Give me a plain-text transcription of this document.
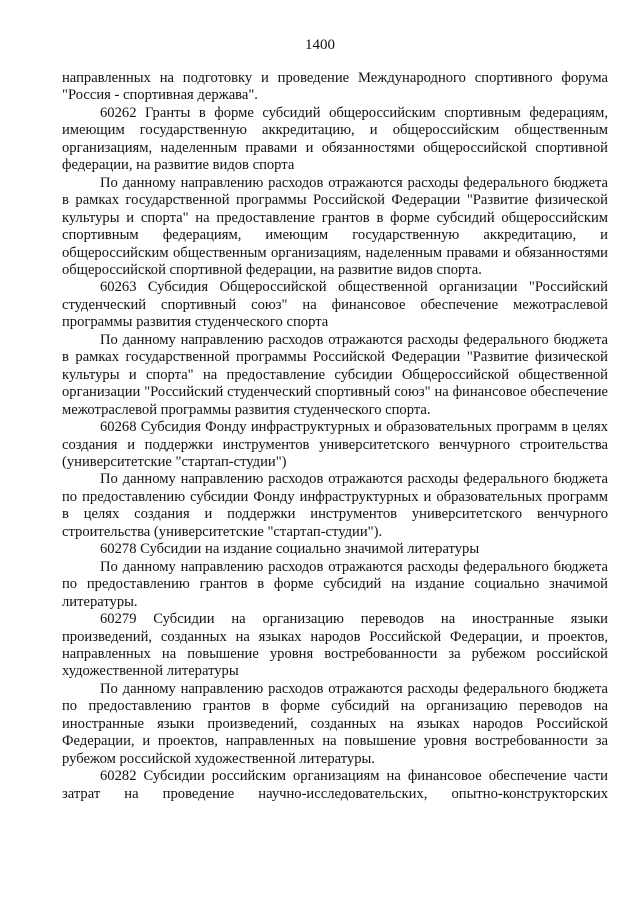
1400

направленных на подготовку и проведение Международного спортивного форума "Россия - спортивная держава".

60262 Гранты в форме субсидий общероссийским спортивным федерациям, имеющим государственную аккредитацию, и общероссийским общественным организациям, наделенным правами и обязанностями общероссийской спортивной федерации, на развитие видов спорта

По данному направлению расходов отражаются расходы федерального бюджета в рамках государственной программы Российской Федерации "Развитие физической культуры и спорта" на предоставление грантов в форме субсидий общероссийским спортивным федерациям, имеющим государственную аккредитацию, и общероссийским общественным организациям, наделенным правами и обязанностями общероссийской спортивной федерации, на развитие видов спорта.

60263 Субсидия Общероссийской общественной организации "Российский студенческий спортивный союз" на финансовое обеспечение межотраслевой программы развития студенческого спорта

По данному направлению расходов отражаются расходы федерального бюджета в рамках государственной программы Российской Федерации "Развитие физической культуры и спорта" на предоставление субсидии Общероссийской общественной организации "Российский студенческий спортивный союз" на финансовое обеспечение межотраслевой программы развития студенческого спорта.

60268 Субсидия Фонду инфраструктурных и образовательных программ в целях создания и поддержки инструментов университетского венчурного строительства (университетские "стартап-студии")

По данному направлению расходов отражаются расходы федерального бюджета по предоставлению субсидии Фонду инфраструктурных и образовательных программ в целях создания и поддержки инструментов университетского венчурного строительства (университетские "стартап-студии").

60278 Субсидии на издание социально значимой литературы

По данному направлению расходов отражаются расходы федерального бюджета по предоставлению грантов в форме субсидий на издание социально значимой литературы.

60279 Субсидии на организацию переводов на иностранные языки произведений, созданных на языках народов Российской Федерации, и проектов, направленных на повышение уровня востребованности за рубежом российской художественной литературы

По данному направлению расходов отражаются расходы федерального бюджета по предоставлению грантов в форме субсидий на организацию переводов на иностранные языки произведений, созданных на языках народов Российской Федерации, и проектов, направленных на повышение уровня востребованности за рубежом российской художественной литературы.

60282 Субсидии российским организациям на финансовое обеспечение части затрат на проведение научно-исследовательских, опытно-конструкторских
